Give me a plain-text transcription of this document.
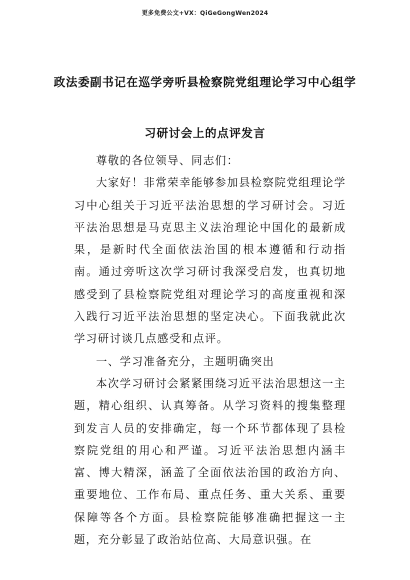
更多免费公文+VX：QiGeGongWen2024
政法委副书记在巡学旁听县检察院党组理论学习中心组学
习研讨会上的点评发言

尊敬的各位领导、同志们：

大家好！非常荣幸能够参加县检察院党组理论学习中心组关于习近平法治思想的学习研讨会。习近平法治思想是马克思主义法治理论中国化的最新成果，是新时代全面依法治国的根本遵循和行动指南。通过旁听这次学习研讨我深受启发，也真切地感受到了县检察院党组对理论学习的高度重视和深入践行习近平法治思想的坚定决心。下面我就此次学习研讨谈几点感受和点评。

一、学习准备充分，主题明确突出

本次学习研讨会紧紧围绕习近平法治思想这一主题，精心组织、认真筹备。从学习资料的搜集整理到发言人员的安排确定，每一个环节都体现了县检察院党组的用心和严谨。习近平法治思想内涵丰富、博大精深，涵盖了全面依法治国的政治方向、重要地位、工作布局、重点任务、重大关系、重要保障等各个方面。县检察院能够准确把握这一主题，充分彰显了政治站位高、大局意识强。在
